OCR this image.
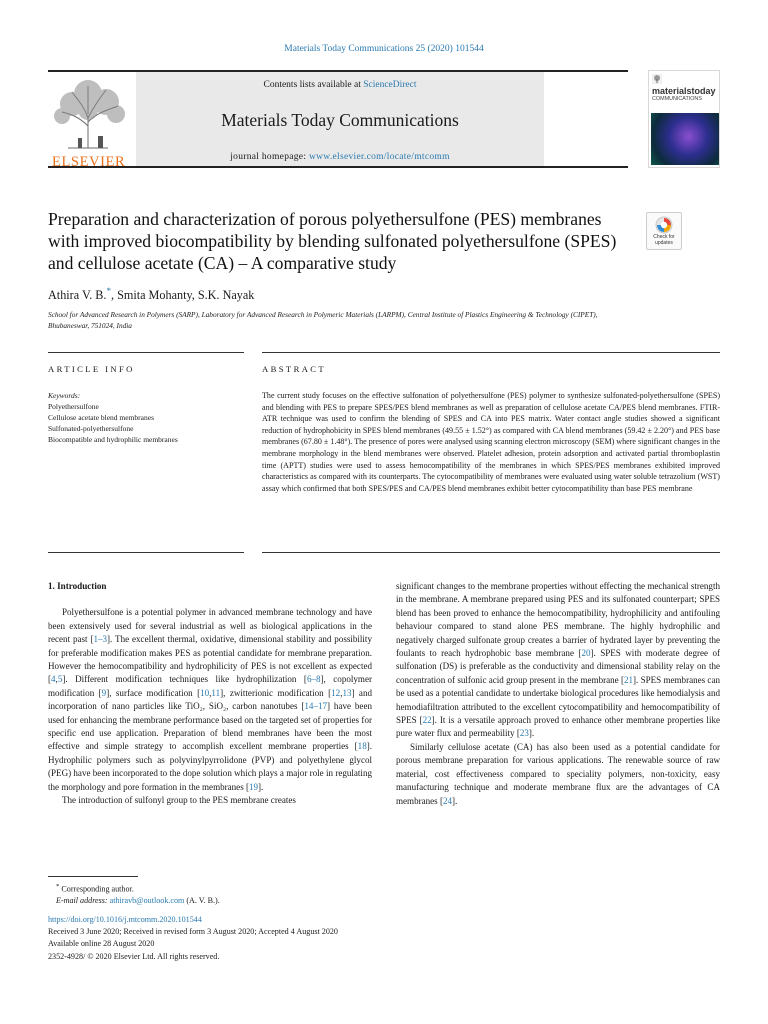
Materials Today Communications 25 (2020) 101544
ELSEVIER
Contents lists available at ScienceDirect
Materials Today Communications
journal homepage: www.elsevier.com/locate/mtcomm
materialstoday
COMMUNICATIONS
Preparation and characterization of porous polyethersulfone (PES) membranes with improved biocompatibility by blending sulfonated polyethersulfone (SPES) and cellulose acetate (CA) – A comparative study
Check for
updates
Athira V. B.*, Smita Mohanty, S.K. Nayak
School for Advanced Research in Polymers (SARP), Laboratory for Advanced Research in Polymeric Materials (LARPM), Central Institute of Plastics Engineering & Technology (CIPET), Bhubaneswar, 751024, India
ARTICLE INFO	ABSTRACT
Keywords:
Polyethersulfone
Cellulose acetate blend membranes
Sulfonated-polyethersulfone
Biocompatible and hydrophilic membranes
The current study focuses on the effective sulfonation of polyethersulfone (PES) polymer to synthesize sulfonated-polyethersulfone (SPES) and blending with PES to prepare SPES/PES blend membranes as well as preparation of cellulose acetate CA/PES blend membranes. FTIR-ATR technique was used to confirm the blending of SPES and CA into PES matrix. Water contact angle studies showed a significant reduction of hydrophobicity in SPES blend membranes (49.55 ± 1.52°) as compared with CA blend membranes (59.42 ± 2.20°) and PES base membranes (67.80 ± 1.48°). The presence of pores were analysed using scanning electron microscopy (SEM) where significant changes in the membrane morphology in the blend membranes were observed. Platelet adhesion, protein adsorption and activated partial thromboplastin time (APTT) studies were used to assess hemocompatibility of the membranes in which SPES/PES membranes exhibited improved characteristics as compared with its counterparts. The cytocompatibility of membranes were evaluated using water soluble tetrazolium (WST) assay which confirmed that both SPES/PES and CA/PES blend membranes exhibit better cytocompatibility than base PES membrane
1. Introduction

Polyethersulfone is a potential polymer in advanced membrane technology and have been extensively used for several industrial as well as biological applications in the recent past [1–3]. The excellent thermal, oxidative, dimensional stability and possibility for preferable modification makes PES as potential candidate for membrane preparation. However the hemocompatibility and hydrophilicity of PES is not excellent as expected [4,5]. Different modification techniques like hydrophilization [6–8], copolymer modification [9], surface modification [10,11], zwitterionic modification [12,13] and incorporation of nano particles like TiO₂, SiO₂, carbon nanotubes [14–17] have been used for enhancing the membrane performance based on the targeted set of properties for specific end use application. Preparation of blend membranes have been the most effective and simple strategy to accomplish excellent membrane properties [18]. Hydrophilic polymers such as polyvinylpyrrolidone (PVP) and polyethylene glycol (PEG) have been incorporated to the dope solution which plays a major role in regulating the morphology and pore formation in the membranes [19].

The introduction of sulfonyl group to the PES membrane creates

significant changes to the membrane properties without effecting the mechanical strength in the membrane. A membrane prepared using PES and its sulfonated counterpart; SPES blend has been proved to enhance the hemocompatibility, hydrophilicity and antifouling behaviour compared to stand alone PES membrane. The highly hydrophilic and negatively charged sulfonate group creates a barrier of hydrated layer by preventing the foulants to reach hydrophobic base membrane [20]. SPES with moderate degree of sulfonation (DS) is preferable as the conductivity and dimensional stability relay on the concentration of sulfonic acid group present in the membrane [21]. SPES membranes can be used as a potential candidate to undertake biological procedures like hemodialysis and hemodiafiltration attributed to the excellent cytocompatibility and hemocompatibility of SPES [22]. It is a versatile approach proved to enhance other membrane properties like pure water flux and permeability [23].

Similarly cellulose acetate (CA) has also been used as a potential candidate for porous membrane preparation for various applications. The renewable source of raw material, cost effectiveness compared to speciality polymers, non-toxicity, easy manufacturing technique and moderate membrane flux are the advantages of CA membranes [24].

* Corresponding author.
E-mail address: athiravb@outlook.com (A. V. B.).
https://doi.org/10.1016/j.mtcomm.2020.101544
Received 3 June 2020; Received in revised form 3 August 2020; Accepted 4 August 2020
Available online 28 August 2020
2352-4928/ © 2020 Elsevier Ltd. All rights reserved.
